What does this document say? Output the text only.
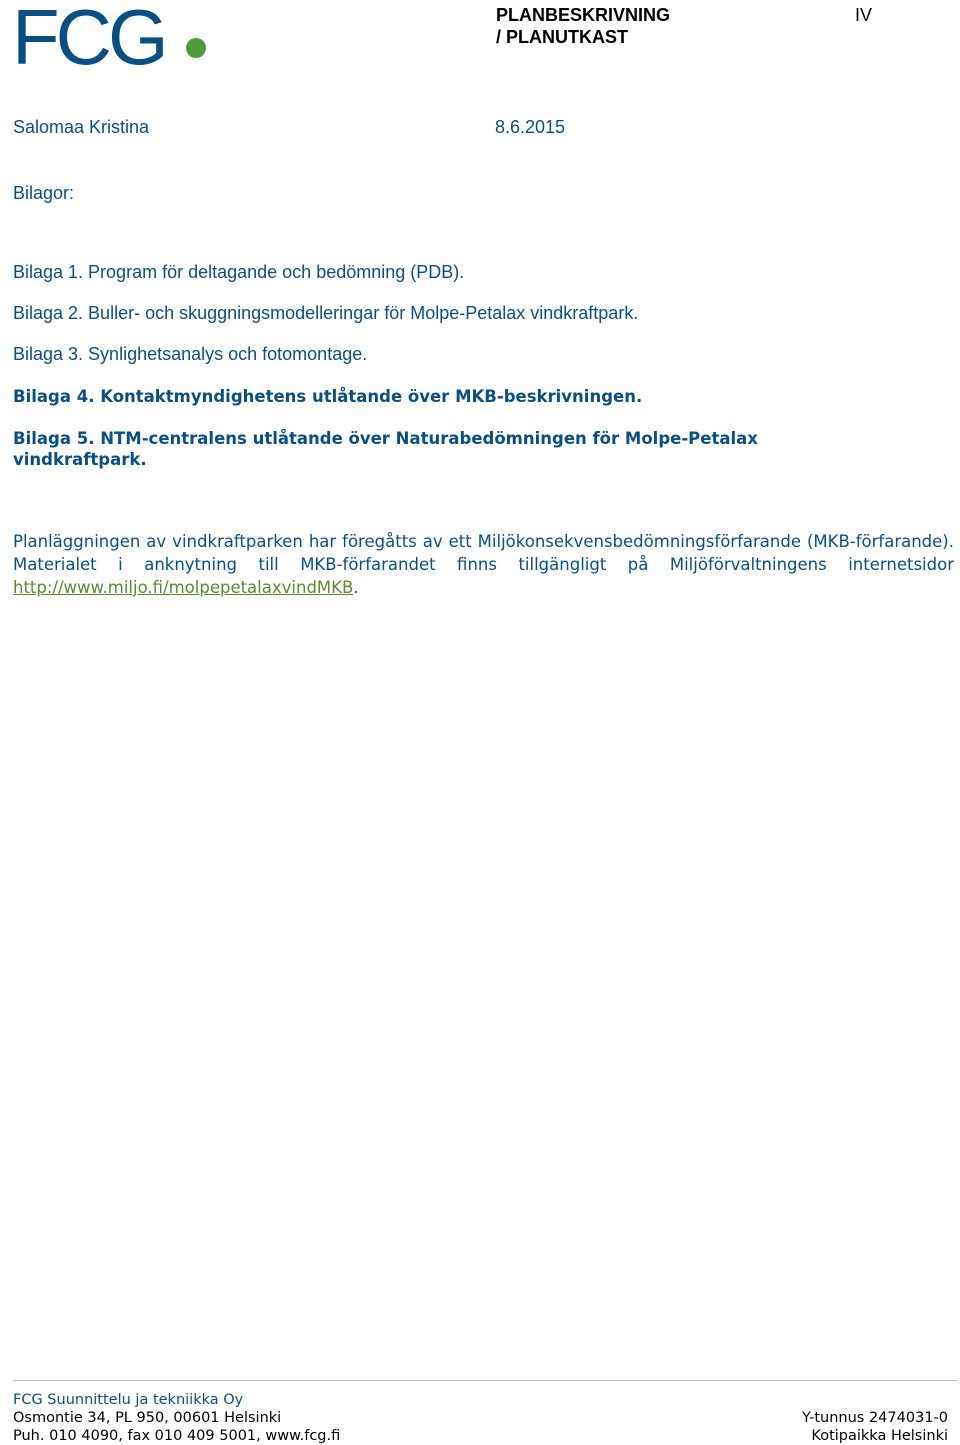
FCG	PLANBESKRIVNING
/ PLANUTKAST
IV
Salomaa Kristina	8.6.2015
Bilagor:
Bilaga 1. Program för deltagande och bedömning (PDB).
Bilaga 2. Buller- och skuggningsmodelleringar för Molpe-Petalax vindkraftpark.
Bilaga 3. Synlighetsanalys och fotomontage.
Bilaga 4. Kontaktmyndighetens utlåtande över MKB-beskrivningen.
Bilaga 5. NTM-centralens utlåtande över Naturabedömningen för Molpe-Petalax vindkraftpark.
Planläggningen av vindkraftparken har föregåtts av ett Miljökonsekvensbedömningsförfarande (MKB-förfarande). Materialet i anknytning till MKB-förfarandet finns tillgängligt på Miljöförvaltningens internetsidor http://www.miljo.fi/molpepetalaxvindMKB.
FCG Suunnittelu ja tekniikka Oy
Osmontie 34, PL 950, 00601 Helsinki	Y-tunnus 2474031-0
Puh. 010 4090, fax 010 409 5001, www.fcg.fi	Kotipaikka Helsinki
